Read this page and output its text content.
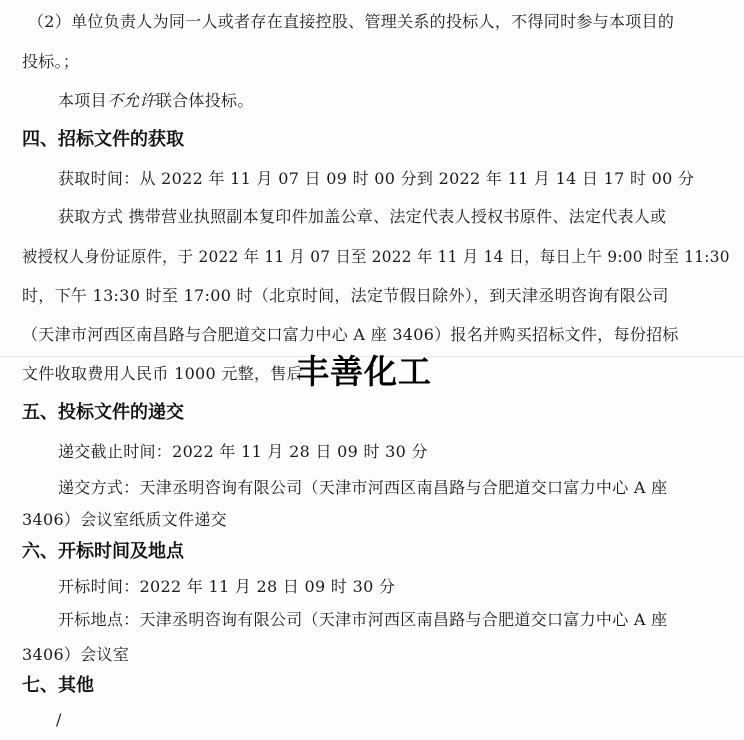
（2）单位负责人为同一人或者存在直接控股、管理关系的投标人，不得同时参与本项目的
投标。；
本项目不允许联合体投标。
四、招标文件的获取
获取时间：从 2022 年 11 月 07 日 09 时 00 分到 2022 年 11 月 14 日 17 时 00 分
获取方式 携带营业执照副本复印件加盖公章、法定代表人授权书原件、法定代表人或
被授权人身份证原件，于 2022 年 11 月 07 日至 2022 年 11 月 14 日，每日上午 9:00 时至 11:30
时，下午 13:30 时至 17:00 时（北京时间，法定节假日除外），到天津丞明咨询有限公司
（天津市河西区南昌路与合肥道交口富力中心 A 座 3406）报名并购买招标文件，每份招标
文件收取费用人民币 1000 元整，售后
五、投标文件的递交
递交截止时间：2022 年 11 月 28 日 09 时 30 分
递交方式：天津丞明咨询有限公司（天津市河西区南昌路与合肥道交口富力中心 A 座
3406）会议室纸质文件递交
六、开标时间及地点
开标时间：2022 年 11 月 28 日 09 时 30 分
开标地点：天津丞明咨询有限公司（天津市河西区南昌路与合肥道交口富力中心 A 座
3406）会议室
七、其他
/
丰善化工
